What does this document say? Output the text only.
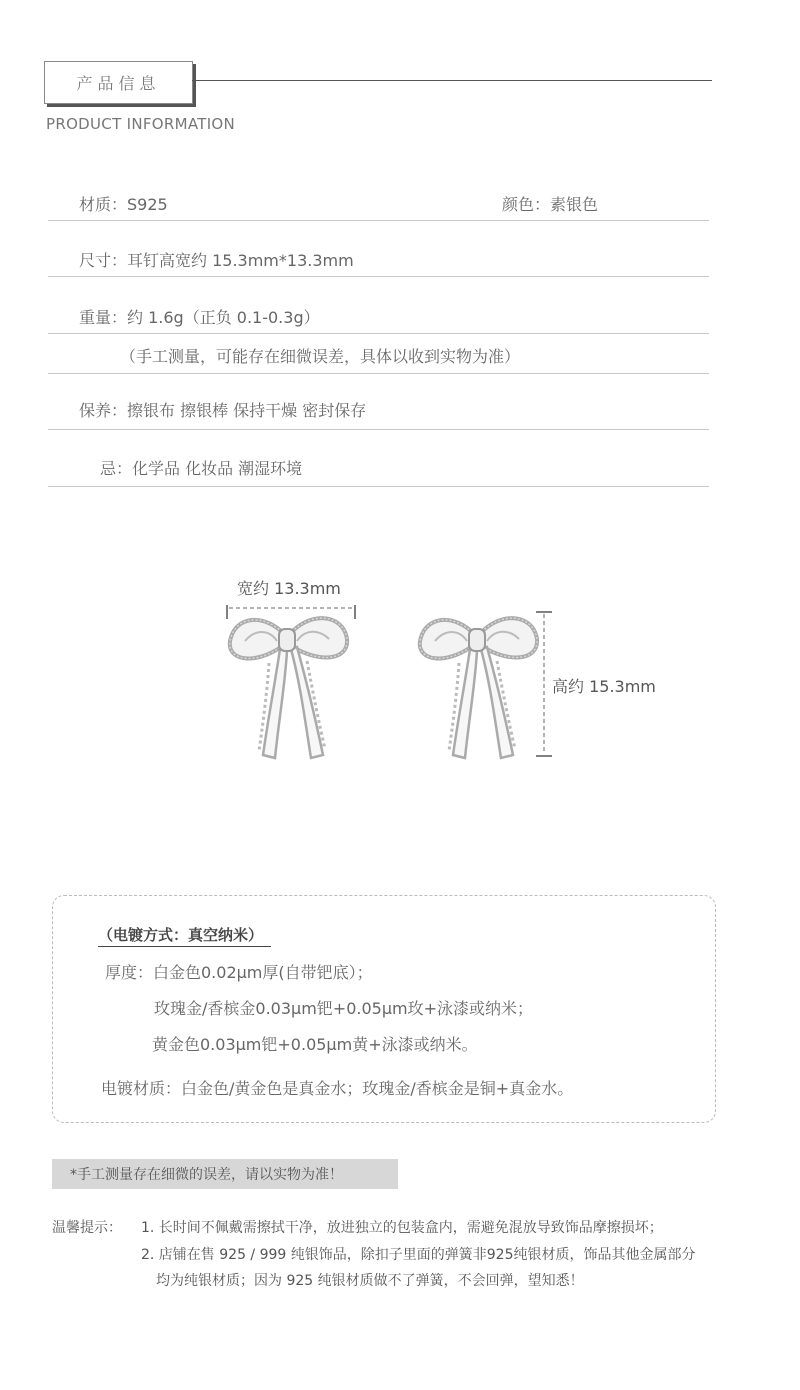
产品信息
PRODUCT INFORMATION
材质：S925	颜色：素银色
尺寸：耳钉高宽约 15.3mm*13.3mm
重量：约 1.6g（正负 0.1-0.3g）
（手工测量，可能存在细微误差，具体以收到实物为准）
保养：擦银布 擦银棒 保持干燥 密封保存
忌：化学品 化妆品 潮湿环境
宽约 13.3mm
高约 15.3mm
（电镀方式：真空纳米）
厚度：白金色0.02μm厚(自带钯底）；
玫瑰金/香槟金0.03μm钯+0.05μm玫+泳漆或纳米；
黄金色0.03μm钯+0.05μm黄+泳漆或纳米。
电镀材质：白金色/黄金色是真金水；玫瑰金/香槟金是铜+真金水。
*手工测量存在细微的误差，请以实物为准！
温馨提示： 1. 长时间不佩戴需擦拭干净，放进独立的包装盒内，需避免混放导致饰品摩擦损坏；
2. 店铺在售 925 / 999 纯银饰品，除扣子里面的弹簧非925纯银材质，饰品其他金属部分
均为纯银材质；因为 925 纯银材质做不了弹簧，不会回弹，望知悉！
